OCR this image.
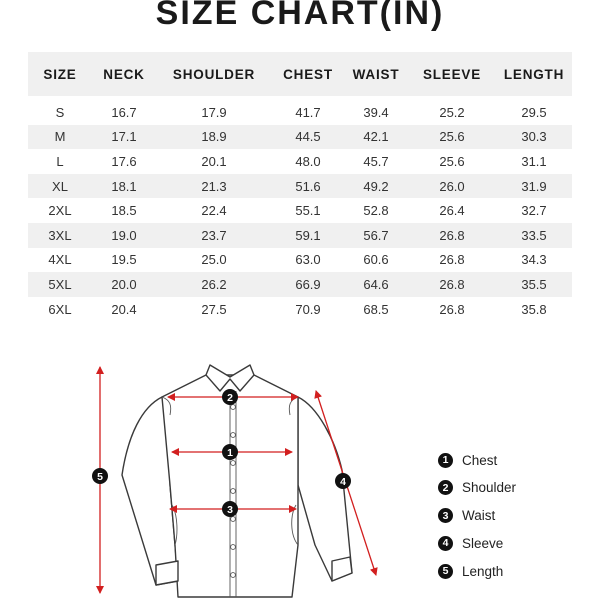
SIZE CHART(IN)
SIZE	NECK	SHOULDER	CHEST	WAIST	SLEEVE	LENGTH

S	16.7	17.9	41.7	39.4	25.2	29.5
M	17.1	18.9	44.5	42.1	25.6	30.3
L	17.6	20.1	48.0	45.7	25.6	31.1
XL	18.1	21.3	51.6	49.2	26.0	31.9
2XL	18.5	22.4	55.1	52.8	26.4	32.7
3XL	19.0	23.7	59.1	56.7	26.8	33.5
4XL	19.5	25.0	63.0	60.6	26.8	34.3
5XL	20.0	26.2	66.9	64.6	26.8	35.5
6XL	20.4	27.5	70.9	68.5	26.8	35.8
1
2
3
4
5
1	Chest
2	Shoulder
3	Waist
4	Sleeve
5	Length
